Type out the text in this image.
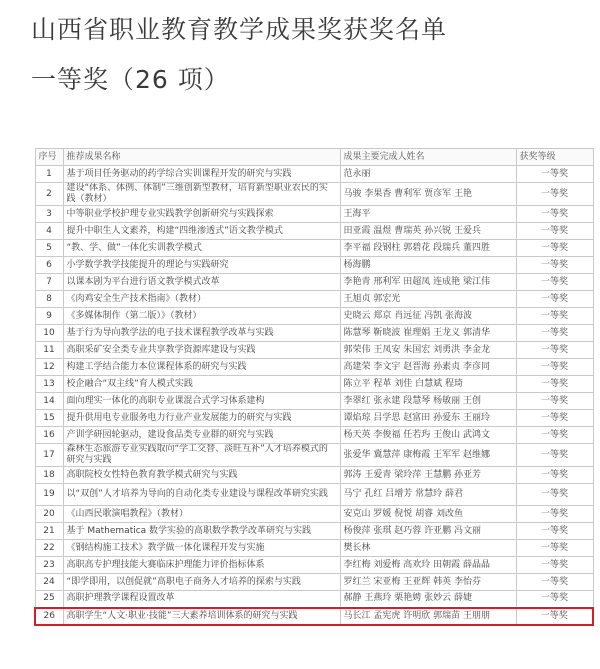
山西省职业教育教学成果奖获奖名单
一等奖（26 项）
序号	推荐成果名称	成果主要完成人姓名	获奖等级
1	基于项目任务驱动的药学综合实训课程开发的研究与实践	范永丽	一等奖
2	建设“体系、体例、体制”三维创新型教材，培育新型职业农民的实践（教材）	马骏 李果香 曹利军 贾彦军 王艳	一等奖
3	中等职业学校护理专业实践教学创新研究与实践探索	王海平	一等奖
4	提升中职生人文素养，构建“四维渗透式”语文教学模式	田亚霞 温煜 曹瑞英 孙兴锐 王爱兵	一等奖
5	“教、学、做”一体化实训教学模式	李平福 段钢柱 郭碧花 段瑞兵 董四胜	一等奖
6	小学数学教学技能提升的理论与实践研究	杨海鹏	一等奖
7	以课本剧为平台进行语文教学模式改革	李艳青 邢利军 田超凤 连成艳 梁江伟	一等奖
8	《肉鸡安全生产技术指南》（教材）	王旭贞 郭宏光	一等奖
9	《多媒体制作（第二版）》（教材）	史晓云 郑京 肖远征 冯凯 张海波	一等奖
10	基于行为导向教学法的电子技术课程教学改革与实践	陈慧琴 靳晓波 崔理娟 王龙义 郭清华	一等奖
11	高职采矿安全类专业共享教学资源库建设与实践	郭荣伟 王凤安 朱国宏 刘勇洪 李金龙	一等奖
12	构建工学结合能力本位课程体系的研究与实践	高建荣 李文宇 赵晋海 孙素贞 李彦同	一等奖
13	校企融合“双主线”育人模式实践	陈立平 程革 刘佳 白慧斌 程琦	一等奖
14	面向理实一体化的高职专业课混合式学习体系建构	李翠红 张永建 段慧琴 杨敏丽 王创	一等奖
15	提升供用电专业服务电力行业产业发展能力的研究与实践	谭焰琼 吕学思 赵富田 孙爱东 王丽玲	一等奖
16	产训学研园轮驱动，建设食品类专业群的研究与实践	杨天英 李俊福 任若玙 王俊山 武鸿文	一等奖
17	森林生态旅游专业实践取向“学工交替、淡旺互补”人才培养模式的研究与实践	张爱华 冀慧萍 康梅霞 王军军 赵维娜	一等奖
18	高职院校女性特色教育教学模式研究与实践	郭涛 王爱青 梁玲萍 王慧鹏 孙亚芳	一等奖
19	以“双创”人才培养为导向的自动化类专业建设与课程改革研究实践	马宁 孔红 吕增芳 常慧玲 薛君	一等奖
20	《山西民歌演唱教程》（教材）	安克山 罗媛 倪悦 胡睿 刘改鱼	一等奖
21	基于 Mathematica 数学实验的高职数学教学改革研究与实践	杨俊萍 张琪 赵巧蓉 许亚鹏 冯文丽	一等奖
22	《钢结构施工技术》教学做一体化课程开发与实施	樊长林	一等奖
23	高职高专护理技能大赛临床护理能力评价指标体系	李红梅 刘爱梅 高欢玲 田朝霞 薛晶晶	一等奖
24	“即学即用，以创促就”高职电子商务人才培养的探索与实践	罗红兰 宋亚梅 王亚辉 韩英 李怡芬	一等奖
25	高职护理教学课程设置改革	郝静 王燕玲 栗艳娉 张妙云 薛婕	一等奖
26	高职学生“人文·职业·技能”三大素养培训体系的研究与实践	马长江 孟宪虎 许明欣 郭瑞苗 王朋朋	一等奖
